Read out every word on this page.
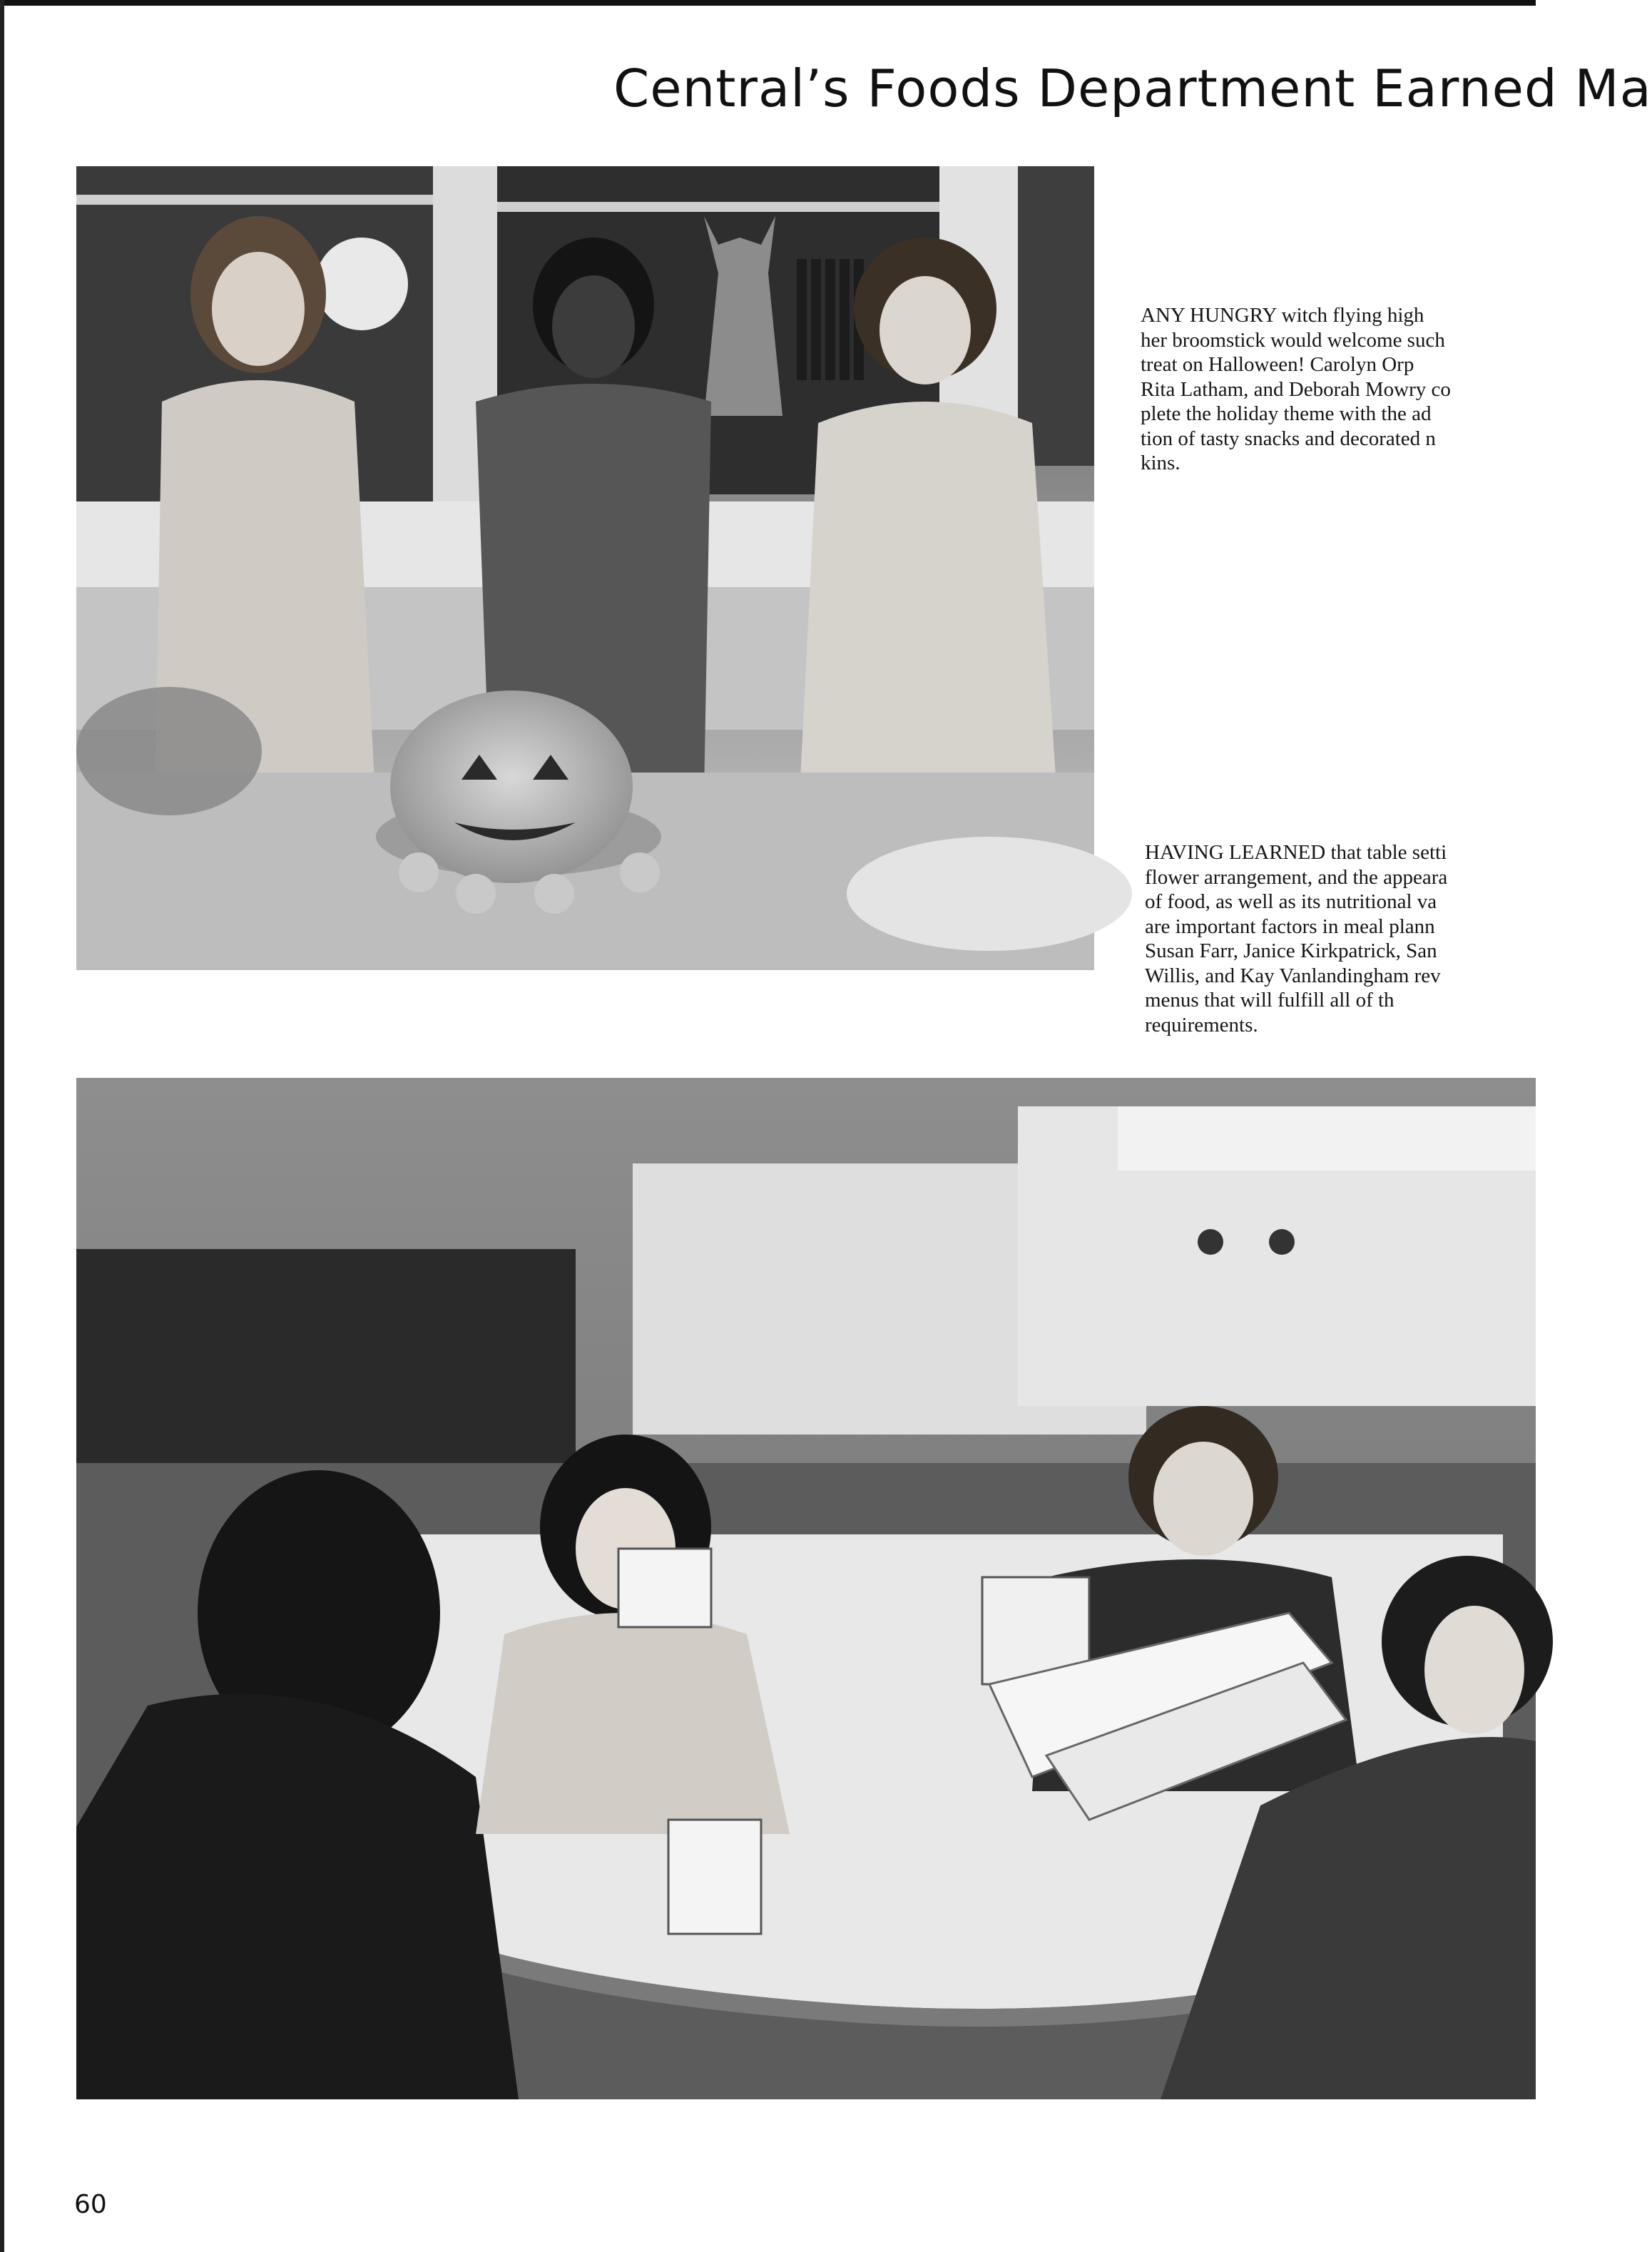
Central’s Foods Department Earned Ma
ANY HUNGRY witch flying high
her broomstick would welcome such
treat on Halloween! Carolyn Orp
Rita Latham, and Deborah Mowry co
plete the holiday theme with the ad
tion of tasty snacks and decorated n
kins.
HAVING LEARNED that table setti
flower arrangement, and the appeara
of food, as well as its nutritional va
are important factors in meal plann
Susan Farr, Janice Kirkpatrick, San
Willis, and Kay Vanlandingham rev
menus that will fulfill all of th
requirements.
60
